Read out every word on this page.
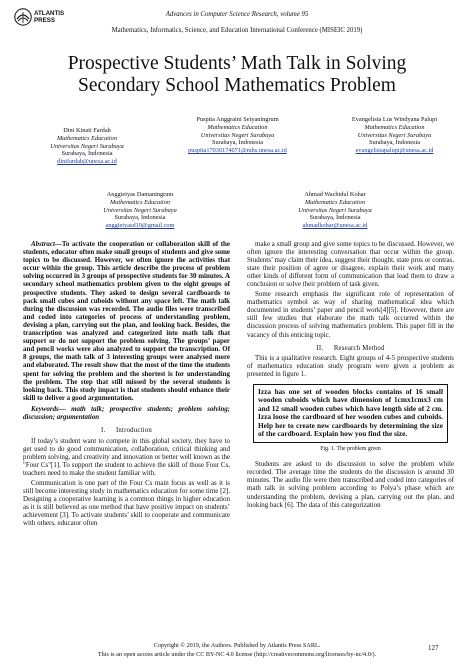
ATLANTIS
PRESS
Advances in Computer Science Research, volume 95
Mathematics, Informatics, Science, and Education International Conference (MISEIC 2019)
Prospective Students’ Math Talk in Solving
Secondary School Mathematics Problem
Dini Kinati Fardah
Mathematics Education
Universitas Negeri Surabaya
Surabaya, Indonesia
dinifardah@unesa.ac.id
Puspita Anggraini Setyaningrum
Mathematics Education
Universitas Negeri Surabaya
Surabaya, Indonesia
puspita17030174071@mhs.unesa.ac.id
Evangelista Lus Windyana Palupi
Mathematics Education
Universitas Negeri Surabaya
Surabaya, Indonesia
evangelistapalupi@unesa.ac.id
Anggietyas Damaningrum
Mathematics Education
Universitas Negeri Surabaya
Surabaya, Indonesia
anggietyasd19@gmail.com
Ahmad Wachidul Kohar
Mathematics Education
Universitas Negeri Surabaya
Surabaya, Indonesia
ahmadkohar@unesa.ac.id

Abstract—To activate the cooperation or collaboration skill of the students, educator often make small groups of students and give some topics to be discussed. However, we often ignore the activities that occur within the group. This article describe the process of problem solving occurred in 3 groups of prospective students for 30 minutes. A secondary school mathematics problem given to the eight groups of prospective students. They asked to design several cardboards to pack small cubes and cuboids without any space left. The math talk during the discussion was recorded. The audio files were transcribed and coded into categories of process of understanding problem, devising a plan, carrying out the plan, and looking back. Besides, the transcription was analyzed and categorized into math talk that support or do not support the problem solving. The groups’ paper and pencil works were also analyzed to support the transcription. Of 8 groups, the math talk of 3 interesting groups were analysed more and elaborated. The result show that the most of the time the students spent for solving the problem and the shortest is for understanding the problem. The step that still missed by the several students is looking back. This study impact is that students should enhance their skill to deliver a good argumentation.

Keywords— math talk; prospective students; problem solving; discussion; argumentation

I.  Introduction

If today’s student want to compete in this global society, they have to get used to do good communication, collaboration, critical thinking and problem solving, and creativity and innovation or better well known as the "Four Cs"[1]. To support the student to achieve the skill of those Four Cs, teachers need to make the student familiar with.

Communication is one part of the Four Cs main focus as well as it is still become interesting study in mathematics education for some time [2]. Designing a cooperative learning is a common things in higher education as it is still believed as one method that have positive impact on students’ achievement [3]. To activate students’ skill to cooperate and communicate with others, educator often

make a small group and give some topics to be discussed. However, we often ignore the interesting conversation that occur within the group. Students’ may claim their idea, suggest their thought, state pros or contras, state their position of agree or disagree, explain their work and many other kinds of different form of communication that lead them to draw a conclusion or solve their problem of task given.

Some research emphasis the significant role of representation of mathematics symbol as way of sharing mathematical idea which documented in students’ paper and pencil work[4][5]. However, there are still few studies that elaborate the math talk occurred within the discussion process of solving mathematics problem. This paper fill in the vacancy of this enticing topic.

II.  Research Method

This is a qualitative research. Eight groups of 4-5 prospective students of mathematics education study program were given a problem as presented in figure 1.

Izza has one set of wooden blocks contains of 16 small wooden cuboids which have dimension of 1cmx1cmx3 cm and 12 small wooden cubes which have length side of 2 cm. Izza loose the cardboard of her wooden cubes and cuboids. Help her to create new cardboards by determining the size of the cardboard. Explain how you find the size.
Fig. 1. The problem given

Students are asked to do discussion to solve the problem while recorded. The average time the students do the discussion is around 30 minutes. The audio file were then transcribed and coded into categories of math talk in solving problem according to Polya’s phase which are understanding the problem, devising a plan, carrying out the plan, and looking back [6]. The data of this categorization

Copyright © 2019, the Authors. Published by Atlantis Press SARL.
This is an open access article under the CC BY-NC 4.0 license (http://creativecommons.org/licenses/by-nc/4.0/).
127
